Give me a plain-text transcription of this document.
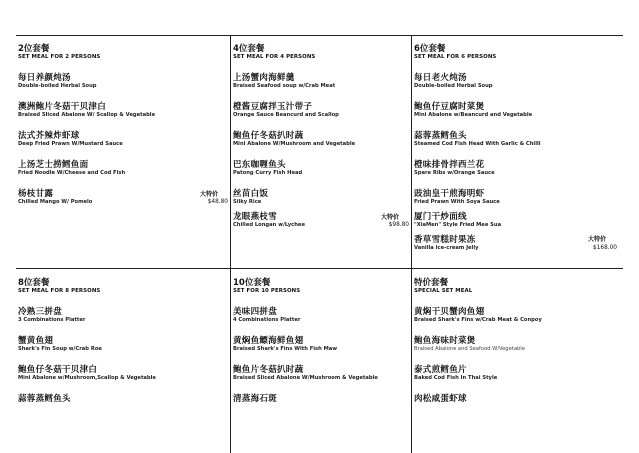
2位套餐
SET MEAL FOR 2 PERSONS
每日养颜炖汤
Double-boiled Herbal Soup
澳洲鲍片冬菇干贝津白
Braised Sliced Abalone W/ Scallop & Vegetable
法式芥辣炸虾球
Deep Fried Prawn W/Mustard Sauce
上汤芝士捞鳕鱼面
Fried Noodle W/Cheese and Cod Fish
杨枝甘露
Chilled Mango W/ Pomelo
大特价
$48.80
4位套餐
SET MEAL FOR 4 PERSONS
上汤蟹肉海鲜羹
Braised Seafood soup w/Crab Meat
橙酱豆腐拌玉汁带子
Orange Sauce Beancurd and Scallop
鲍鱼仔冬菇扒时蔬
Mini Abalone W/Mushroom and Vegetable
巴东咖喱鱼头
Patong Curry Fish Head
丝苗白饭
Silky Rice
龙眼燕枝雪
Chilled Longan w/Lychee
大特价
$98.80
6位套餐
SET MEAL FOR 6 PERSONS
每日老火炖汤
Double-boiled Herbal Soup
鲍鱼仔豆腐时菜煲
Mini Abalone w/Beancurd and Vegetable
蒜蓉蒸鳕鱼头
Steamed Cod Fish Head With Garlic & Chilli
橙味排骨拌西兰花
Spare Ribs w/Orange Sauce
豉油皇干煎海明虾
Fried Prawn With Soya Sauce
厦门干炒面线
"XiaMen" Style Fried Mee Sua
香草雪糕时果冻
Vanilla Ice-cream Jelly
大特价
$168.00
8位套餐
SET MEAL FOR 8 PERSONS
冷熟三拼盘
3 Combinations Platter
蟹黄鱼翅
Shark's Fin Soup w/Crab Roe
鲍鱼仔冬菇干贝津白
Mini Abalone w/Mushroom,Scallop & Vegetable
蒜蓉蒸鳕鱼头
10位套餐
SET FOR 10 PERSONS
美味四拼盘
4 Combinations Platter
黄焖鱼鳔海鲜鱼翅
Braised Shark's Fins With Fish Maw
鲍鱼片冬菇扒时蔬
Braised Sliced Abalone W/Mushroom & Vegetable
清蒸海石斑
特价套餐
SPECIAL SET MEAL
黄焖干贝蟹肉鱼翅
Braised Shark's Fins w/Crab Meat & Conpoy
鲍鱼海味时菜煲
Braised Abalone and Seafood W/Vegetable
泰式煎鳕鱼片
Baked Cod Fish In Thai Style
肉松咸蛋虾球
